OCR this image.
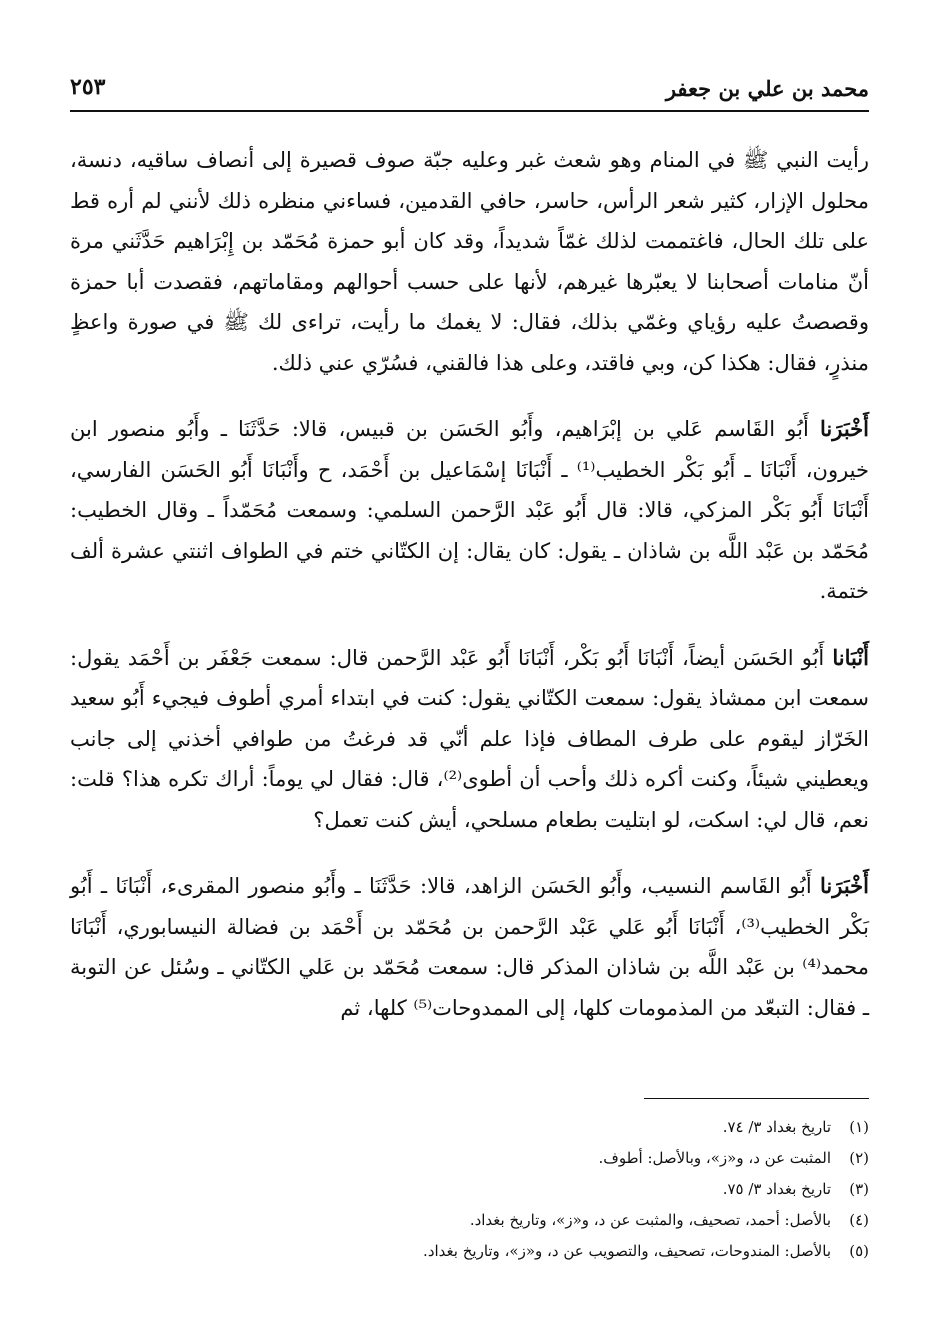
محمد بن علي بن جعفر
٢٥٣

رأيت النبي ﷺ في المنام وهو شعث غبر وعليه جبّة صوف قصيرة إلى أنصاف ساقيه، دنسة، محلول الإزار، كثير شعر الرأس، حاسر، حافي القدمين، فساءني منظره ذلك لأنني لم أره قط على تلك الحال، فاغتممت لذلك غمّاً شديداً، وقد كان أبو حمزة مُحَمّد بن إِبْرَاهيم حَدَّثَني مرة أنّ منامات أصحابنا لا يعبّرها غيرهم، لأنها على حسب أحوالهم ومقاماتهم، فقصدت أبا حمزة وقصصتُ عليه رؤياي وغمّي بذلك، فقال: لا يغمك ما رأيت، تراءى لك ﷺ في صورة واعظٍ منذرٍ، فقال: هكذا كن، وبي فاقتد، وعلى هذا فالقني، فسُرّي عني ذلك.

أَخْبَرَنا أَبُو القَاسم عَلي بن إبْرَاهيم، وأَبُو الحَسَن بن قبيس، قالا: حَدَّثَنَا ـ وأَبُو منصور ابن خيرون، أَنْبَانَا ـ أَبُو بَكْر الخطيب⁽¹⁾ ـ أَنْبَانَا إسْمَاعيل بن أَحْمَد، ح وأَنْبَانَا أَبُو الحَسَن الفارسي، أَنْبَانَا أَبُو بَكْر المزكي، قالا: قال أَبُو عَبْد الرَّحمن السلمي: وسمعت مُحَمّداً ـ وقال الخطيب: مُحَمّد بن عَبْد اللَّه بن شاذان ـ يقول: كان يقال: إن الكتّاني ختم في الطواف اثنتي عشرة ألف ختمة.

أَنْبَانا أَبُو الحَسَن أيضاً، أَنْبَانَا أَبُو بَكْر، أَنْبَانَا أَبُو عَبْد الرَّحمن قال: سمعت جَعْفَر بن أَحْمَد يقول: سمعت ابن ممشاذ يقول: سمعت الكتّاني يقول: كنت في ابتداء أمري أطوف فيجيء أَبُو سعيد الخَرّاز ليقوم على طرف المطاف فإذا علم أنّي قد فرغتُ من طوافي أخذني إلى جانب ويعطيني شيئاً، وكنت أكره ذلك وأحب أن أطوى⁽²⁾، قال: فقال لي يوماً: أراك تكره هذا؟ قلت: نعم، قال لي: اسكت، لو ابتليت بطعام مسلحي، أيش كنت تعمل؟

أَخْبَرَنا أَبُو القَاسم النسيب، وأَبُو الحَسَن الزاهد، قالا: حَدَّثَنَا ـ وأَبُو منصور المقرىء، أَنْبَانَا ـ أَبُو بَكْر الخطيب⁽³⁾، أَنْبَانَا أَبُو عَلي عَبْد الرَّحمن بن مُحَمّد بن أَحْمَد بن فضالة النيسابوري، أَنْبَانَا محمد⁽⁴⁾ بن عَبْد اللَّه بن شاذان المذكر قال: سمعت مُحَمّد بن عَلي الكتّاني ـ وسُئل عن التوبة ـ فقال: التبعّد من المذمومات كلها، إلى الممدوحات⁽⁵⁾ كلها، ثم

(١)تاريخ بغداد ٣/ ٧٤.
(٢)المثبت عن د، و«ز»، وبالأصل: أطوف.
(٣)تاريخ بغداد ٣/ ٧٥.
(٤)بالأصل: أحمد، تصحيف، والمثبت عن د، و«ز»، وتاريخ بغداد.
(٥)بالأصل: المندوحات، تصحيف، والتصويب عن د، و«ز»، وتاريخ بغداد.
